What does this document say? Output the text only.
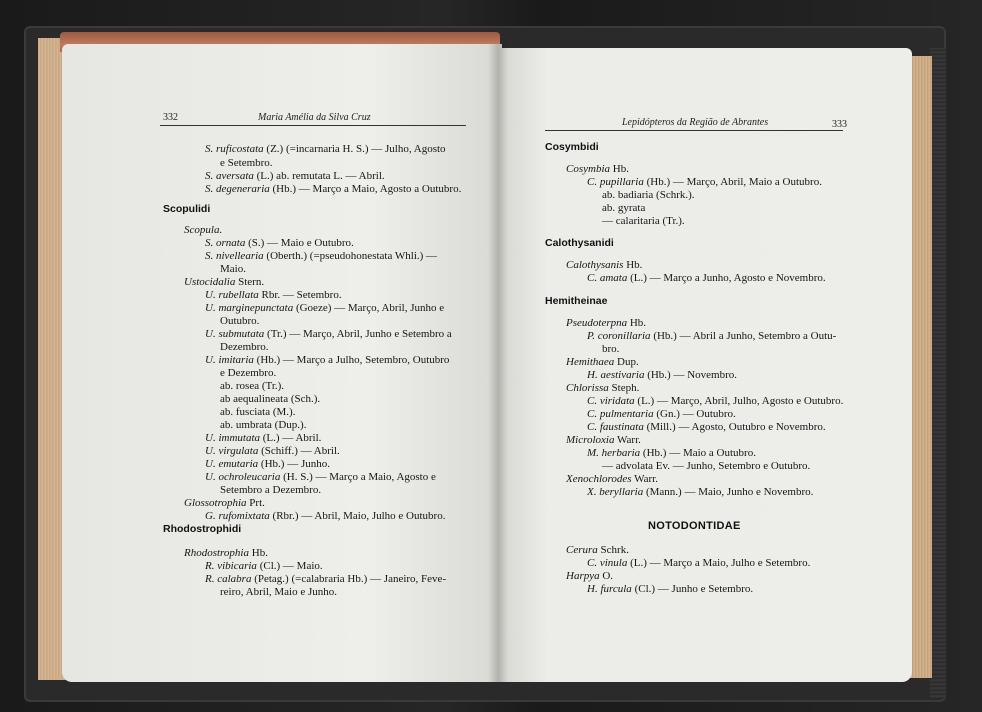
332	Maria Amélia da Silva Cruz
S. ruficostata (Z.) (=incarnaria H. S.) — Julho, Agosto
e Setembro.
S. aversata (L.) ab. remutata L. — Abril.
S. degeneraria (Hb.) — Março a Maio, Agosto a Outubro.
Scopula.
S. ornata (S.) — Maio e Outubro.
S. nivellearia (Oberth.) (=pseudohonestata Whli.) —
Maio.
Ustocidalia Stern.
U. rubellata Rbr. — Setembro.
U. marginepunctata (Goeze) — Março, Abril, Junho e
Outubro.
U. submutata (Tr.) — Março, Abril, Junho e Setembro a
Dezembro.
U. imitaria (Hb.) — Março a Julho, Setembro, Outubro
e Dezembro.
ab. rosea (Tr.).
ab aequalineata (Sch.).
ab. fusciata (M.).
ab. umbrata (Dup.).
U. immutata (L.) — Abril.
U. virgulata (Schiff.) — Abril.
U. emutaria (Hb.) — Junho.
U. ochroleucaria (H. S.) — Março a Maio, Agosto e
Setembro a Dezembro.
Glossotrophia Prt.
G. rufomixtata (Rbr.) — Abril, Maio, Julho e Outubro.
Rhodostrophia Hb.
R. vibicaria (Cl.) — Maio.
R. calabra (Petag.) (=calabraria Hb.) — Janeiro, Feve-
reiro, Abril, Maio e Junho.
Scopulidi
Rhodostrophidi
Lepidópteros da Região de Abrantes	333
Cosymbia Hb.
C. pupillaria (Hb.) — Março, Abril, Maio a Outubro.
ab. badiaria (Schrk.).
ab. gyrata
— calaritaria (Tr.).
Calothysanis Hb.
C. amata (L.) — Março a Junho, Agosto e Novembro.
Pseudoterpna Hb.
P. coronillaria (Hb.) — Abril a Junho, Setembro a Outu-
bro.
Hemithaea Dup.
H. aestivaria (Hb.) — Novembro.
Chlorissa Steph.
C. viridata (L.) — Março, Abril, Julho, Agosto e Outubro.
C. pulmentaria (Gn.) — Outubro.
C. faustinata (Mill.) — Agosto, Outubro e Novembro.
Microloxia Warr.
M. herbaria (Hb.) — Maio a Outubro.
— advolata Ev. — Junho, Setembro e Outubro.
Xenochlorodes Warr.
X. beryllaria (Mann.) — Maio, Junho e Novembro.
Cerura Schrk.
C. vinula (L.) — Março a Maio, Julho e Setembro.
Harpya O.
H. furcula (Cl.) — Junho e Setembro.
Cosymbidi
Calothysanidi
Hemitheinae
NOTODONTIDAE
